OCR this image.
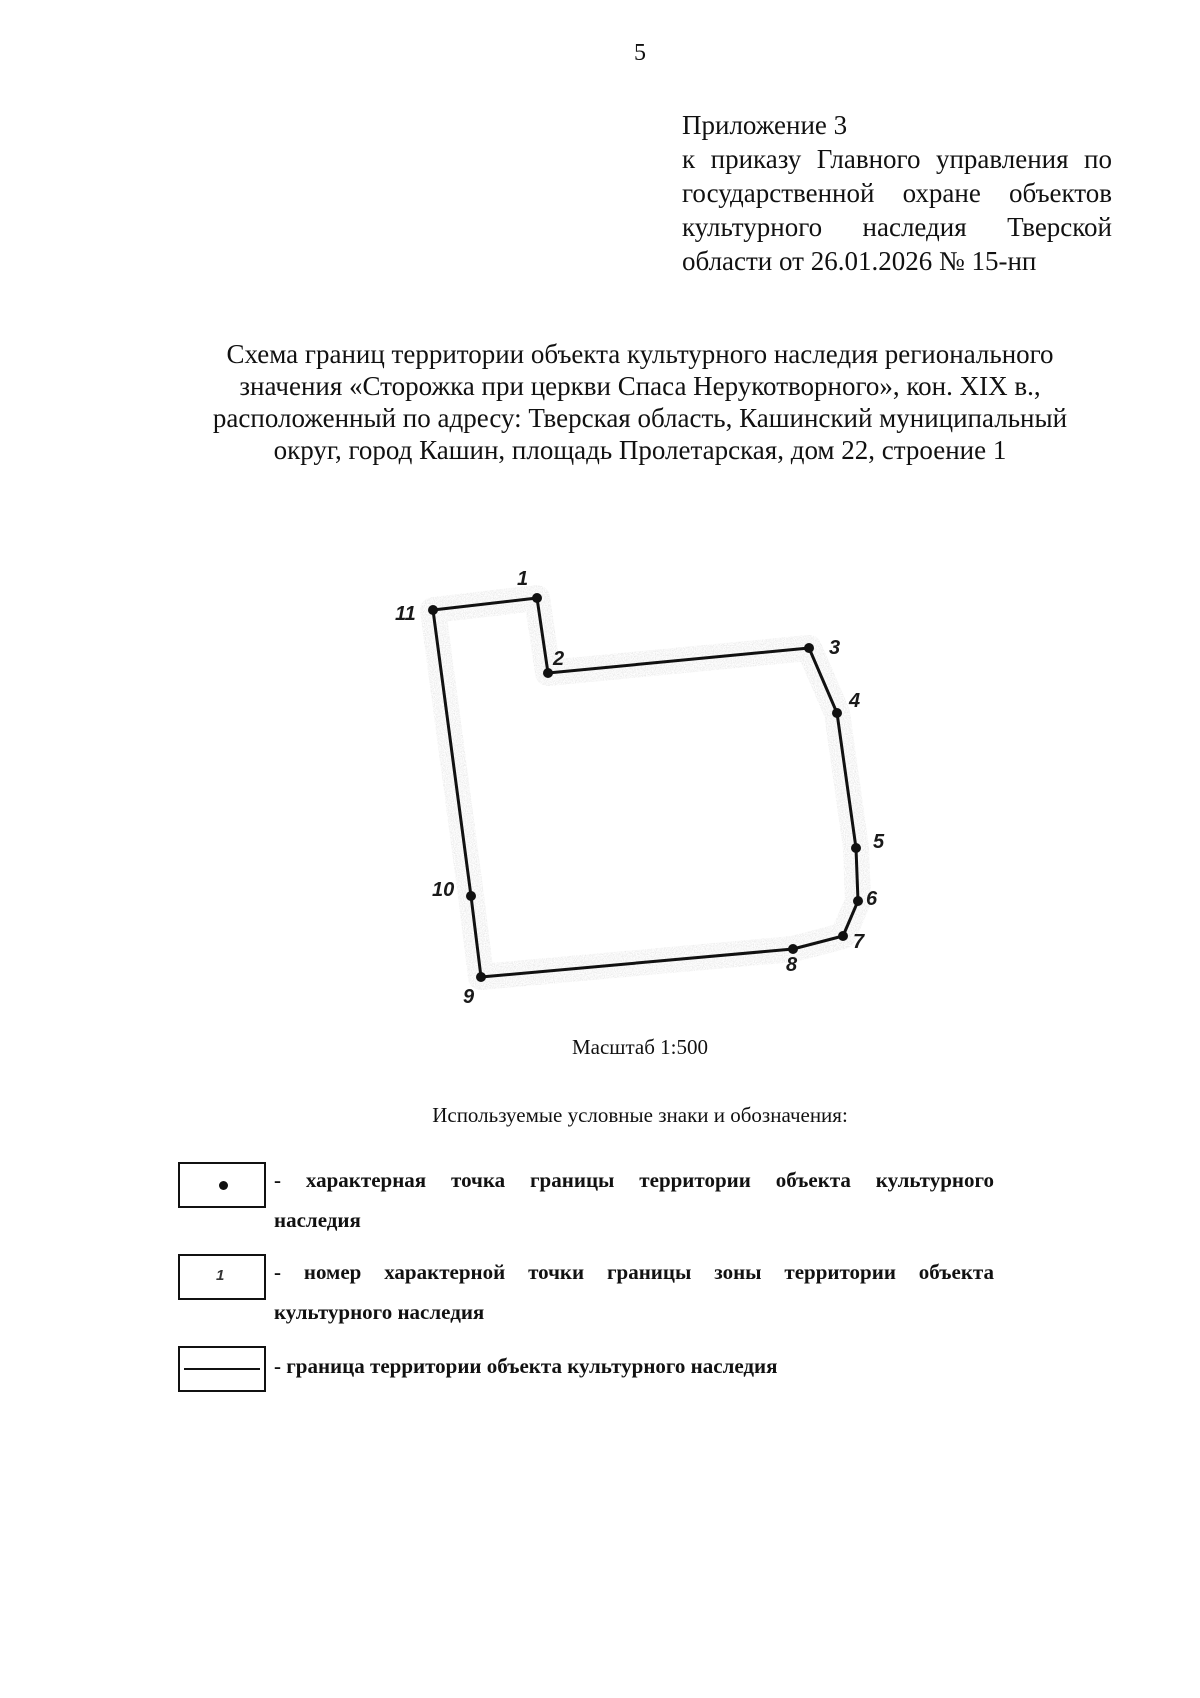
5
Приложение 3
к приказу Главного управления по
государственной охране объектов
культурного наследия Тверской
области от 26.01.2026 № 15-нп
Схема границ территории объекта культурного наследия регионального
значения «Сторожка при церкви Спаса Нерукотворного», кон. XIX в.,
расположенный по адресу: Тверская область, Кашинский муниципальный
округ, город Кашин, площадь Пролетарская, дом 22, строение 1
1
2	3
4
5
6
7
8
9
10
11
Масштаб 1:500
Используемые условные знаки и обозначения:
- характерная точка границы территории объекта культурного
наследия
1 - номер характерной точки границы зоны территории объекта
культурного наследия
- граница территории объекта культурного наследия
